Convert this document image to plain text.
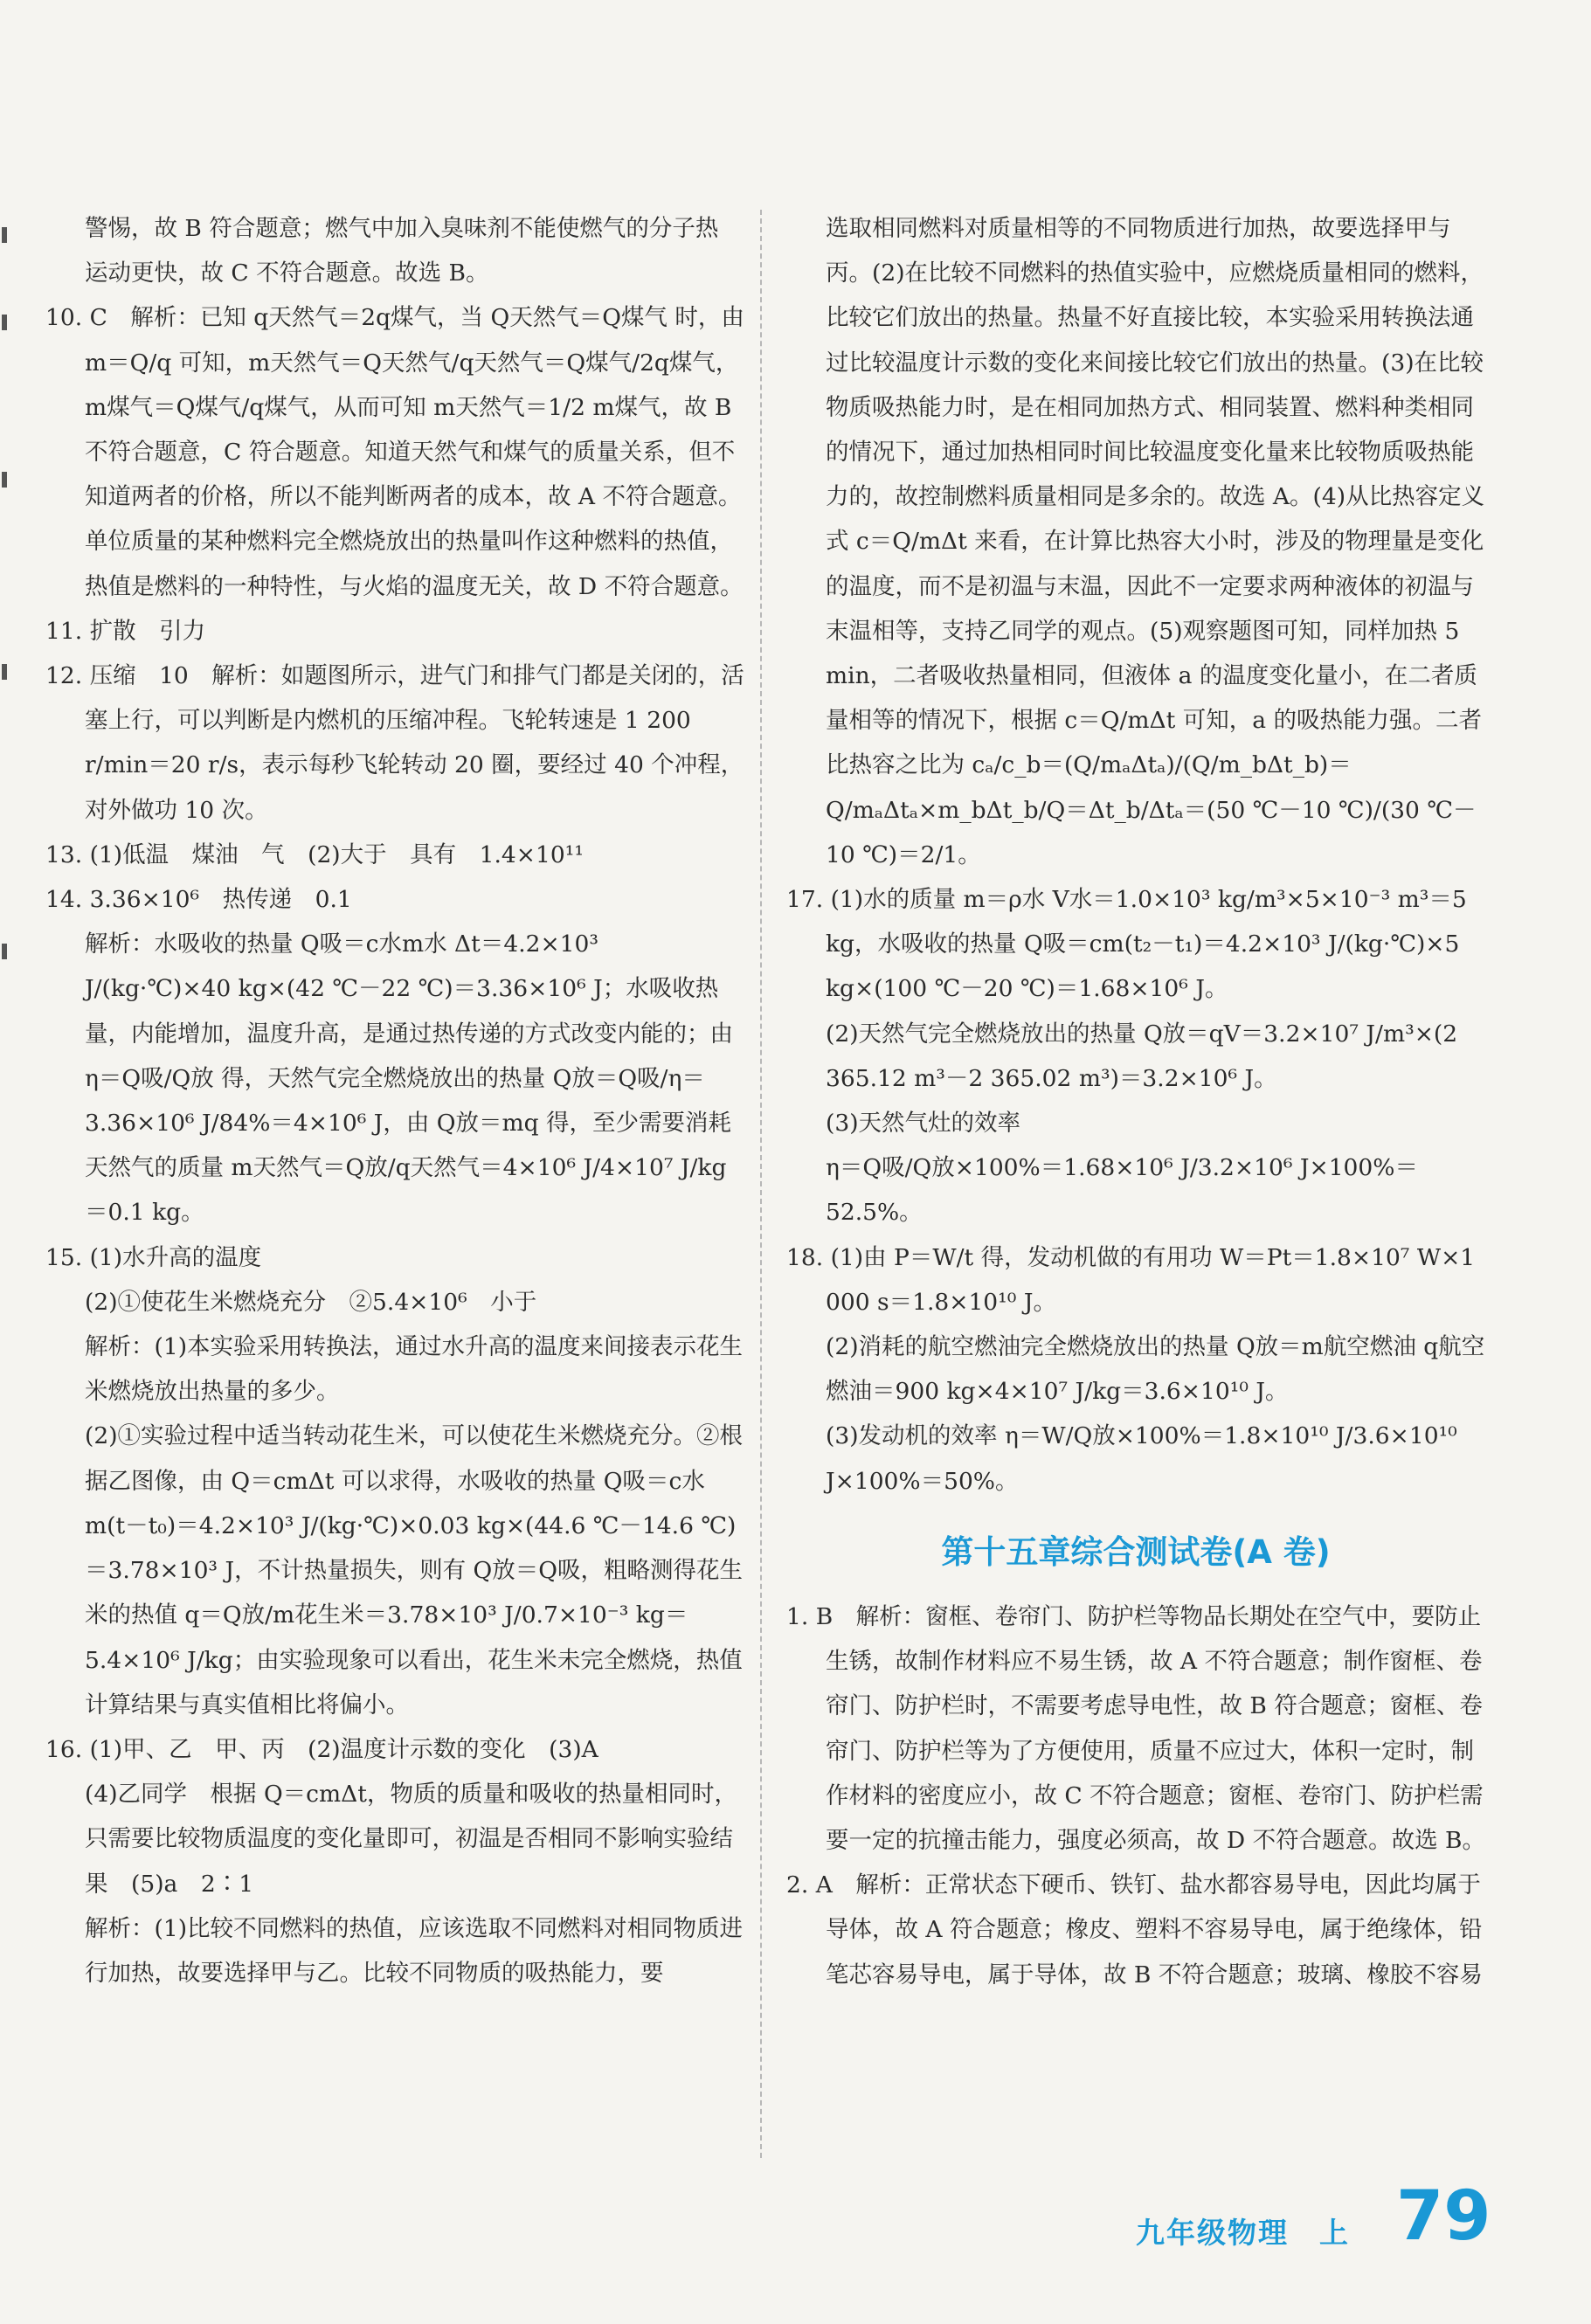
警惕，故 B 符合题意；燃气中加入臭味剂不能使燃气的分子热

运动更快，故 C 不符合题意。故选 B。

10. C　解析：已知 q天然气＝2q煤气，当 Q天然气＝Q煤气 时，由 m＝Q/q 可知，m天然气＝Q天然气/q天然气＝Q煤气/2q煤气，m煤气＝Q煤气/q煤气，从而可知 m天然气＝1/2 m煤气，故 B 不符合题意，C 符合题意。知道天然气和煤气的质量关系，但不知道两者的价格，所以不能判断两者的成本，故 A 不符合题意。单位质量的某种燃料完全燃烧放出的热量叫作这种燃料的热值，热值是燃料的一种特性，与火焰的温度无关，故 D 不符合题意。

11. 扩散　引力

12. 压缩　10　解析：如题图所示，进气门和排气门都是关闭的，活塞上行，可以判断是内燃机的压缩冲程。飞轮转速是 1 200 r/min＝20 r/s，表示每秒飞轮转动 20 圈，要经过 40 个冲程，对外做功 10 次。

13. (1)低温　煤油　气　(2)大于　具有　1.4×10¹¹

14. 3.36×10⁶　热传递　0.1

解析：水吸收的热量 Q吸＝c水m水 Δt＝4.2×10³ J/(kg·℃)×40 kg×(42 ℃－22 ℃)＝3.36×10⁶ J；水吸收热量，内能增加，温度升高，是通过热传递的方式改变内能的；由 η＝Q吸/Q放 得，天然气完全燃烧放出的热量 Q放＝Q吸/η＝3.36×10⁶ J/84%＝4×10⁶ J，由 Q放＝mq 得，至少需要消耗天然气的质量 m天然气＝Q放/q天然气＝4×10⁶ J/4×10⁷ J/kg＝0.1 kg。

15. (1)水升高的温度

(2)①使花生米燃烧充分　②5.4×10⁶　小于

解析：(1)本实验采用转换法，通过水升高的温度来间接表示花生米燃烧放出热量的多少。

(2)①实验过程中适当转动花生米，可以使花生米燃烧充分。②根据乙图像，由 Q＝cmΔt 可以求得，水吸收的热量 Q吸＝c水 m(t－t₀)＝4.2×10³ J/(kg·℃)×0.03 kg×(44.6 ℃－14.6 ℃)＝3.78×10³ J，不计热量损失，则有 Q放＝Q吸，粗略测得花生米的热值 q＝Q放/m花生米＝3.78×10³ J/0.7×10⁻³ kg＝5.4×10⁶ J/kg；由实验现象可以看出，花生米未完全燃烧，热值计算结果与真实值相比将偏小。

16. (1)甲、乙　甲、丙　(2)温度计示数的变化　(3)A

(4)乙同学　根据 Q＝cmΔt，物质的质量和吸收的热量相同时，只需要比较物质温度的变化量即可，初温是否相同不影响实验结果　(5)a　2∶1

解析：(1)比较不同燃料的热值，应该选取不同燃料对相同物质进行加热，故要选择甲与乙。比较不同物质的吸热能力，要

选取相同燃料对质量相等的不同物质进行加热，故要选择甲与丙。(2)在比较不同燃料的热值实验中，应燃烧质量相同的燃料，比较它们放出的热量。热量不好直接比较，本实验采用转换法通过比较温度计示数的变化来间接比较它们放出的热量。(3)在比较物质吸热能力时，是在相同加热方式、相同装置、燃料种类相同的情况下，通过加热相同时间比较温度变化量来比较物质吸热能力的，故控制燃料质量相同是多余的。故选 A。(4)从比热容定义式 c＝Q/mΔt 来看，在计算比热容大小时，涉及的物理量是变化的温度，而不是初温与末温，因此不一定要求两种液体的初温与末温相等，支持乙同学的观点。(5)观察题图可知，同样加热 5 min，二者吸收热量相同，但液体 a 的温度变化量小，在二者质量相等的情况下，根据 c＝Q/mΔt 可知，a 的吸热能力强。二者比热容之比为 cₐ/c_b＝(Q/mₐΔtₐ)/(Q/m_bΔt_b)＝Q/mₐΔtₐ×m_bΔt_b/Q＝Δt_b/Δtₐ＝(50 ℃－10 ℃)/(30 ℃－10 ℃)＝2/1。

17. (1)水的质量 m＝ρ水 V水＝1.0×10³ kg/m³×5×10⁻³ m³＝5 kg，水吸收的热量 Q吸＝cm(t₂－t₁)＝4.2×10³ J/(kg·℃)×5 kg×(100 ℃－20 ℃)＝1.68×10⁶ J。

(2)天然气完全燃烧放出的热量 Q放＝qV＝3.2×10⁷ J/m³×(2 365.12 m³－2 365.02 m³)＝3.2×10⁶ J。

(3)天然气灶的效率

η＝Q吸/Q放×100%＝1.68×10⁶ J/3.2×10⁶ J×100%＝52.5%。

18. (1)由 P＝W/t 得，发动机做的有用功 W＝Pt＝1.8×10⁷ W×1 000 s＝1.8×10¹⁰ J。

(2)消耗的航空燃油完全燃烧放出的热量 Q放＝m航空燃油 q航空燃油＝900 kg×4×10⁷ J/kg＝3.6×10¹⁰ J。

(3)发动机的效率 η＝W/Q放×100%＝1.8×10¹⁰ J/3.6×10¹⁰ J×100%＝50%。

第十五章综合测试卷(A 卷)

1. B　解析：窗框、卷帘门、防护栏等物品长期处在空气中，要防止生锈，故制作材料应不易生锈，故 A 不符合题意；制作窗框、卷帘门、防护栏时，不需要考虑导电性，故 B 符合题意；窗框、卷帘门、防护栏等为了方便使用，质量不应过大，体积一定时，制作材料的密度应小，故 C 不符合题意；窗框、卷帘门、防护栏需要一定的抗撞击能力，强度必须高，故 D 不符合题意。故选 B。

2. A　解析：正常状态下硬币、铁钉、盐水都容易导电，因此均属于导体，故 A 符合题意；橡皮、塑料不容易导电，属于绝缘体，铅笔芯容易导电，属于导体，故 B 不符合题意；玻璃、橡胶不容易

九年级物理　上 79
